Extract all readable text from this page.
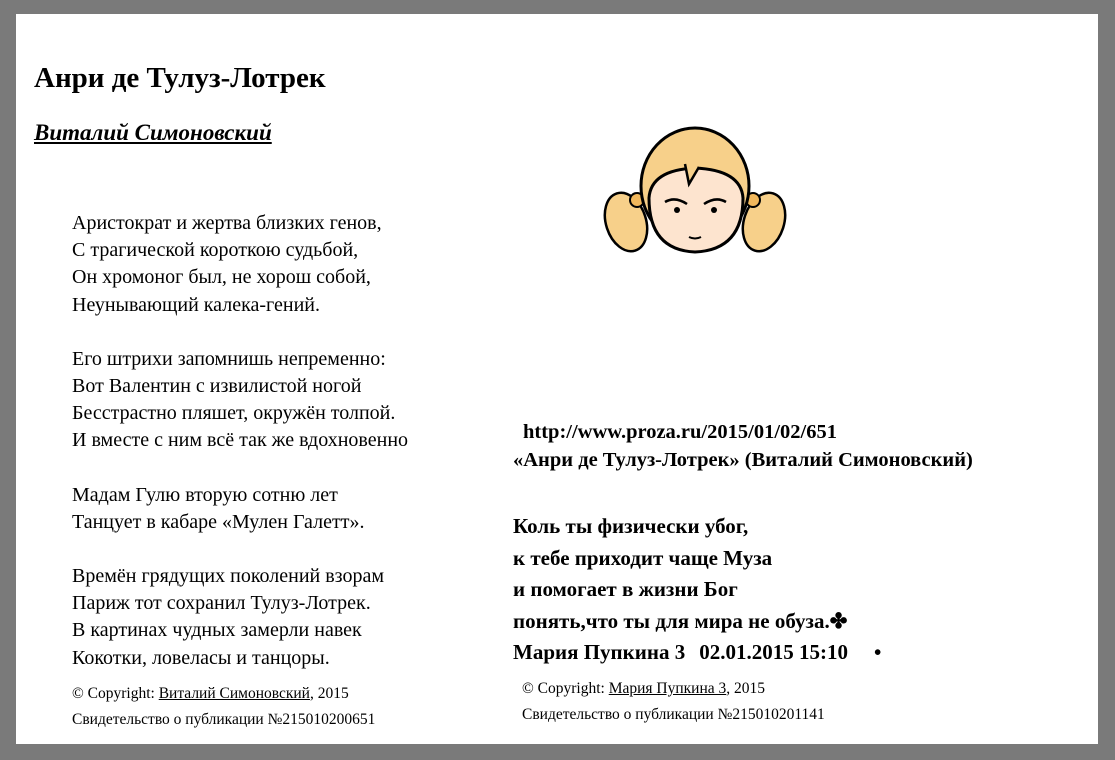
Анри де Тулуз-Лотрек
Виталий Симоновский
Аристократ и жертва близких генов,
С трагической короткою судьбой,
Он хромоног был, не хорош собой,
Неунывающий калека-гений.
Его штрихи запомнишь непременно:
Вот Валентин с извилистой ногой
Бесстрастно пляшет, окружён толпой.
И вместе с ним всё так же вдохновенно
Мадам Гулю вторую сотню лет
Танцует в кабаре «Мулен Галетт».
Времён грядущих поколений взорам
Париж тот сохранил Тулуз-Лотрек.
В картинах чудных замерли навек
Кокотки, ловеласы и танцоры.
© Copyright: Виталий Симоновский, 2015
Свидетельство о публикации №215010200651
http://www.proza.ru/2015/01/02/651
«Анри де Тулуз-Лотрек» (Виталий Симоновский)
Коль ты физически убог,
к тебе приходит чаще Муза
и помогает в жизни Бог
понять,что ты для мира не обуза.✤
Мария Пупкина 3 02.01.2015 15:10 •
© Copyright: Мария Пупкина 3, 2015
Свидетельство о публикации №215010201141
